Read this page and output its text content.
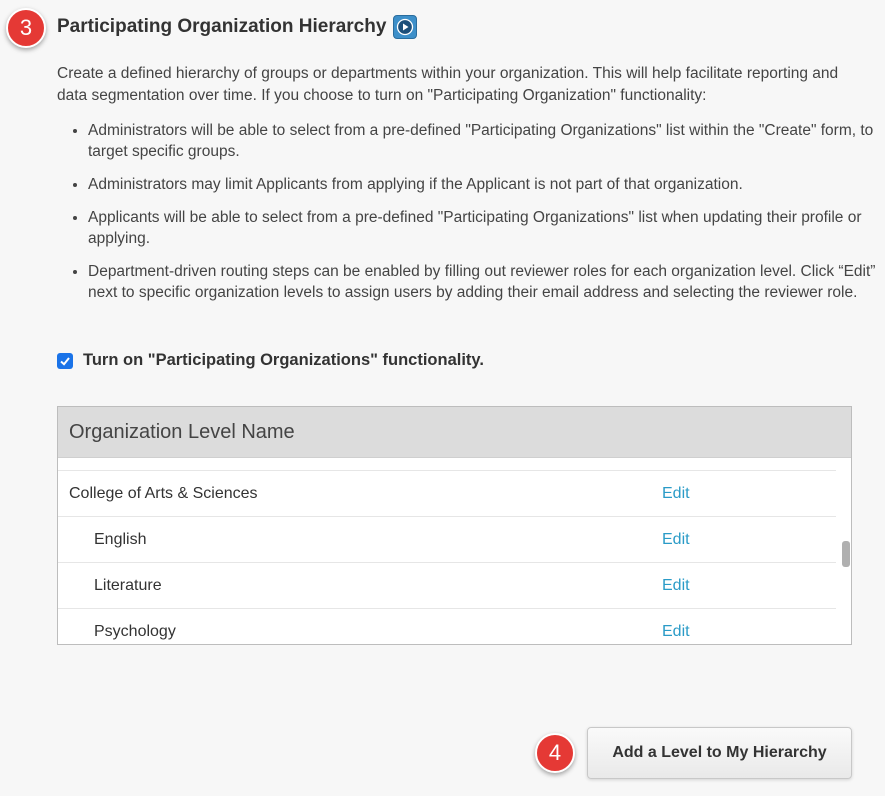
3	Participating Organization Hierarchy

Create a defined hierarchy of groups or departments within your organization. This will help facilitate reporting and data segmentation over time. If you choose to turn on "Participating Organization" functionality:

• Administrators will be able to select from a pre-defined "Participating Organizations" list within the "Create" form, to target specific groups.
• Administrators may limit Applicants from applying if the Applicant is not part of that organization.
• Applicants will be able to select from a pre-defined "Participating Organizations" list when updating their profile or applying.
• Department-driven routing steps can be enabled by filling out reviewer roles for each organization level. Click “Edit” next to specific organization levels to assign users by adding their email address and selecting the reviewer role.
Turn on "Participating Organizations" functionality.
Organization Level Name
College of Arts & Sciences	Edit
English	Edit
Literature	Edit
Psychology	Edit
4	Add a Level to My Hierarchy
